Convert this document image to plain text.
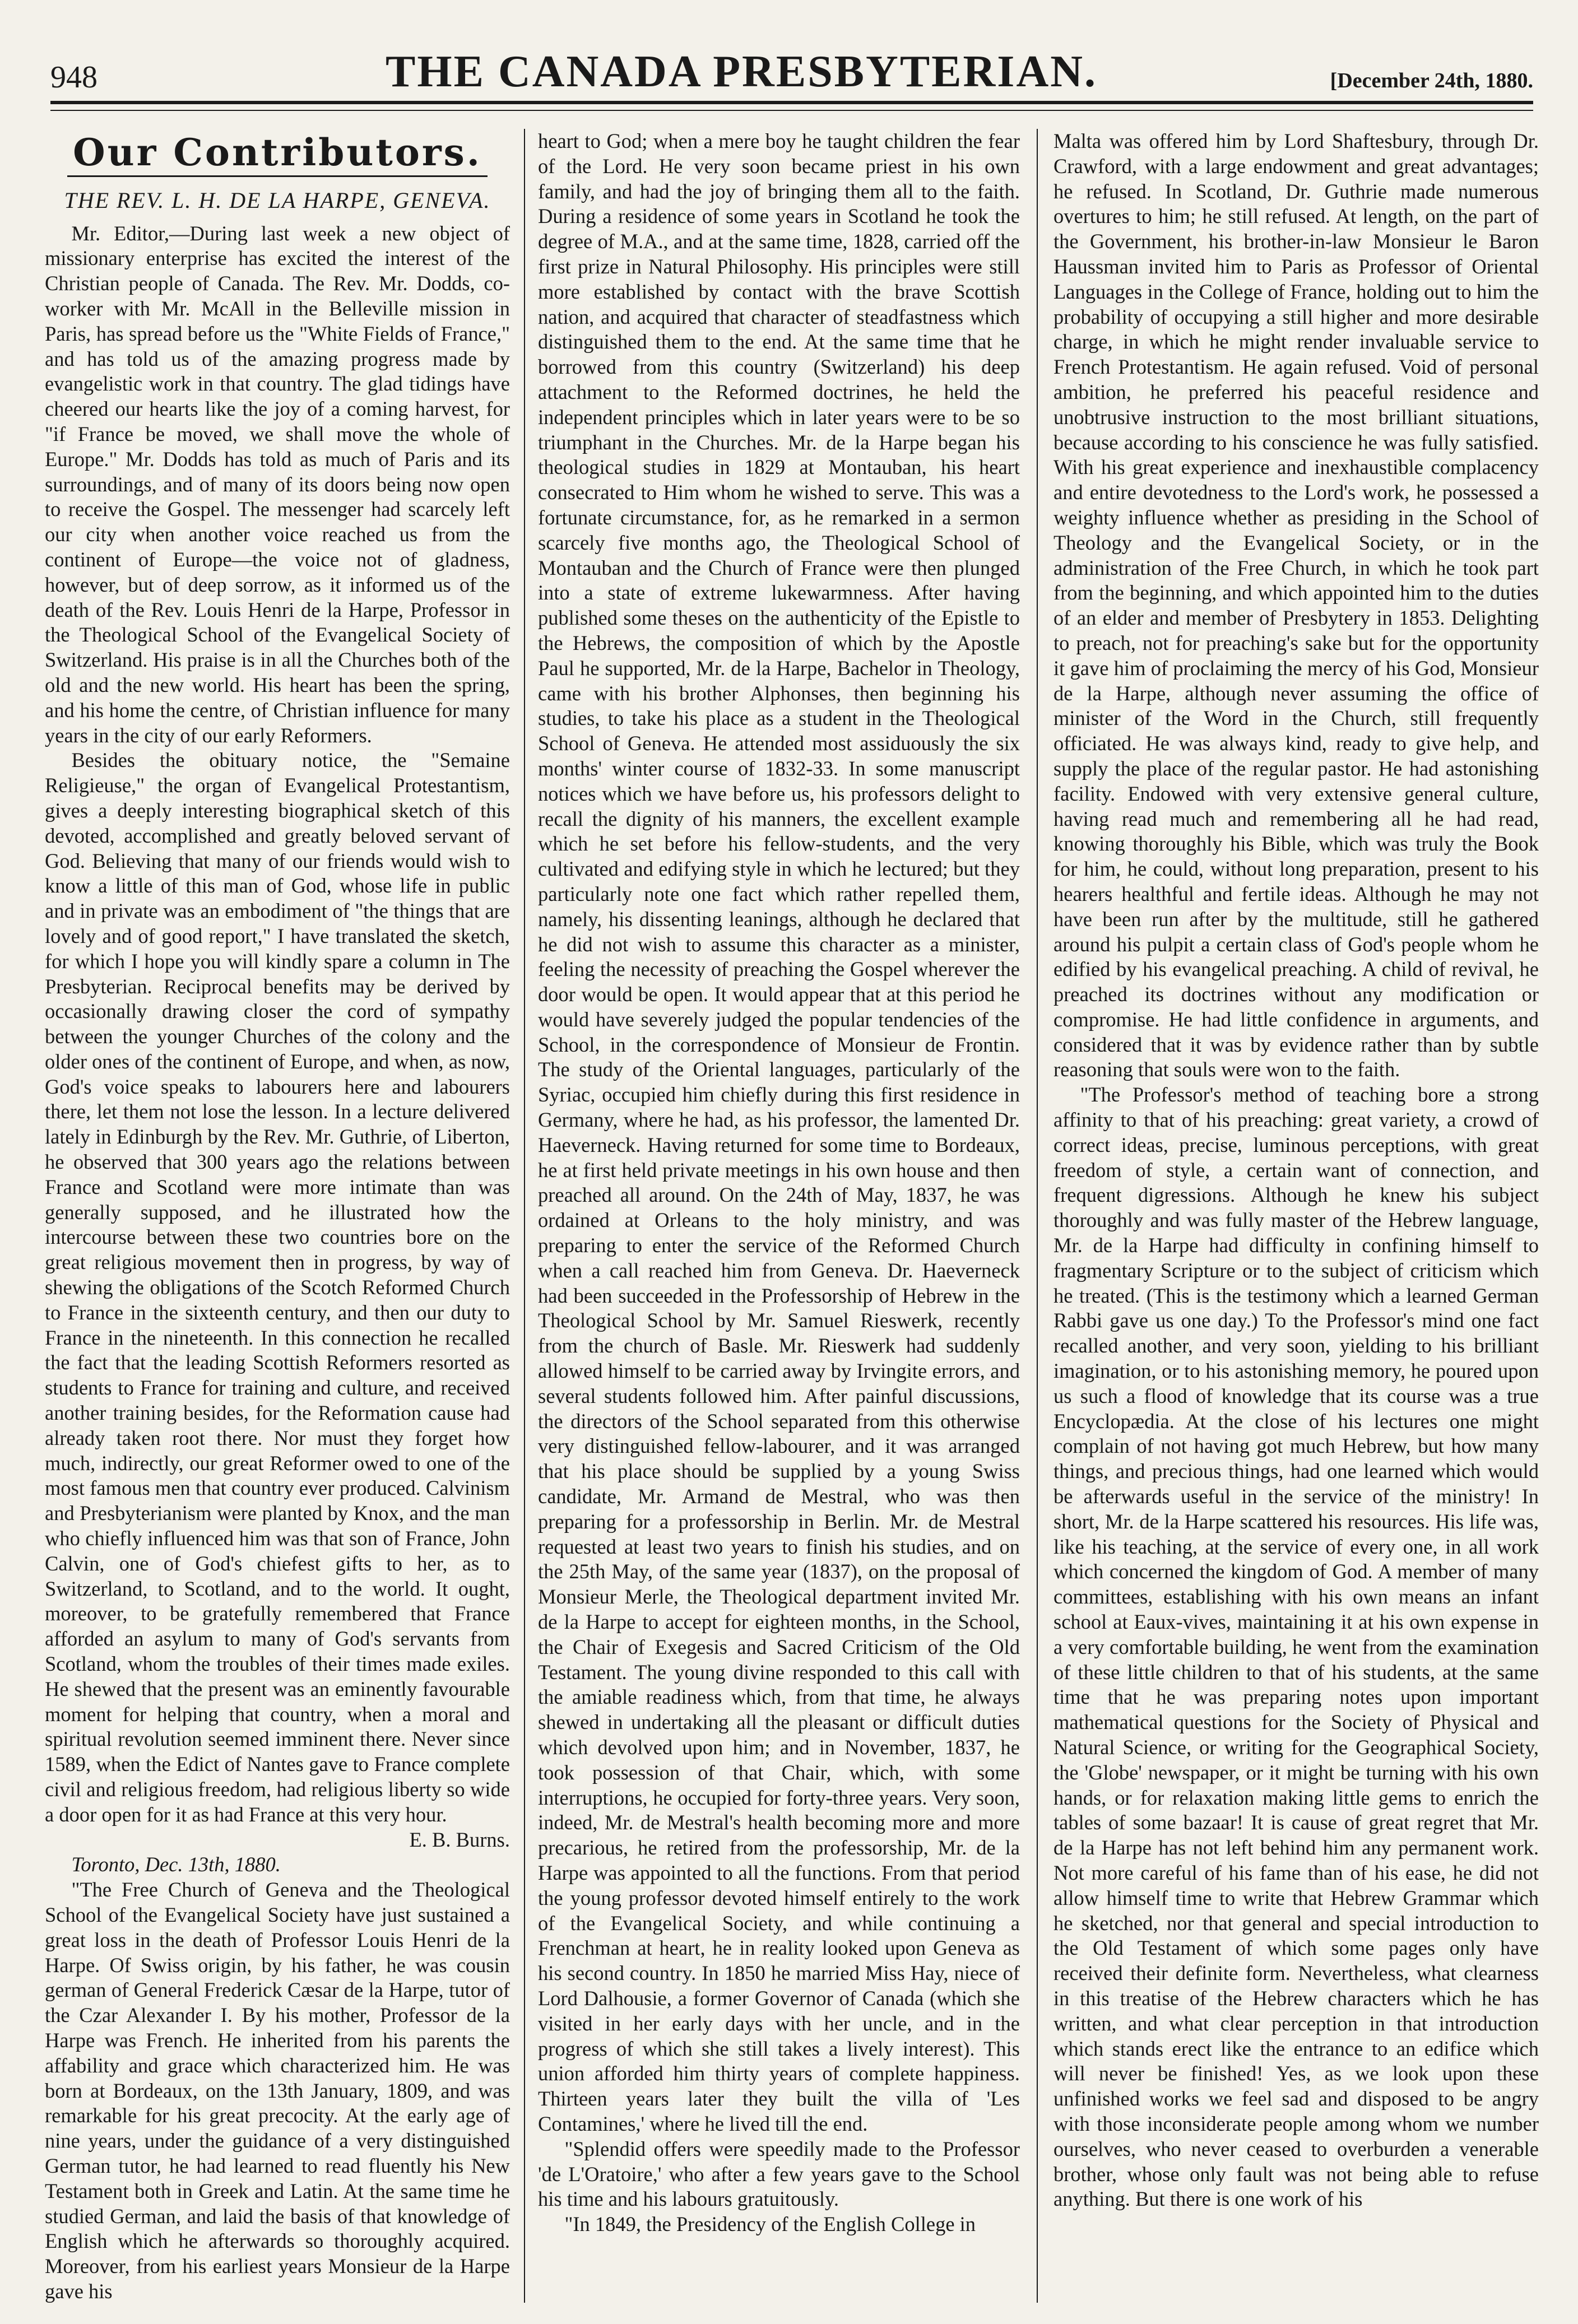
948	THE CANADA PRESBYTERIAN.	[December 24th, 1880.
Our Contributors.
THE REV. L. H. DE LA HARPE, GENEVA.

Mr. Editor,—During last week a new object of missionary enterprise has excited the interest of the Christian people of Canada. The Rev. Mr. Dodds, co-worker with Mr. McAll in the Belleville mission in Paris, has spread before us the "White Fields of France," and has told us of the amazing progress made by evangelistic work in that country. The glad tidings have cheered our hearts like the joy of a coming harvest, for "if France be moved, we shall move the whole of Europe." Mr. Dodds has told as much of Paris and its surroundings, and of many of its doors being now open to receive the Gospel. The messenger had scarcely left our city when another voice reached us from the continent of Europe—the voice not of gladness, however, but of deep sorrow, as it informed us of the death of the Rev. Louis Henri de la Harpe, Professor in the Theological School of the Evangelical Society of Switzerland. His praise is in all the Churches both of the old and the new world. His heart has been the spring, and his home the centre, of Christian influence for many years in the city of our early Reformers.

Besides the obituary notice, the "Semaine Religieuse," the organ of Evangelical Protestantism, gives a deeply interesting biographical sketch of this devoted, accomplished and greatly beloved servant of God. Believing that many of our friends would wish to know a little of this man of God, whose life in public and in private was an embodiment of "the things that are lovely and of good report," I have translated the sketch, for which I hope you will kindly spare a column in The Presbyterian. Reciprocal benefits may be derived by occasionally drawing closer the cord of sympathy between the younger Churches of the colony and the older ones of the continent of Europe, and when, as now, God's voice speaks to labourers here and labourers there, let them not lose the lesson. In a lecture delivered lately in Edinburgh by the Rev. Mr. Guthrie, of Liberton, he observed that 300 years ago the relations between France and Scotland were more intimate than was generally supposed, and he illustrated how the intercourse between these two countries bore on the great religious movement then in progress, by way of shewing the obligations of the Scotch Reformed Church to France in the sixteenth century, and then our duty to France in the nineteenth. In this connection he recalled the fact that the leading Scottish Reformers resorted as students to France for training and culture, and received another training besides, for the Reformation cause had already taken root there. Nor must they forget how much, indirectly, our great Reformer owed to one of the most famous men that country ever produced. Calvinism and Presbyterianism were planted by Knox, and the man who chiefly influenced him was that son of France, John Calvin, one of God's chiefest gifts to her, as to Switzerland, to Scotland, and to the world. It ought, moreover, to be gratefully remembered that France afforded an asylum to many of God's servants from Scotland, whom the troubles of their times made exiles. He shewed that the present was an eminently favourable moment for helping that country, when a moral and spiritual revolution seemed imminent there. Never since 1589, when the Edict of Nantes gave to France complete civil and religious freedom, had religious liberty so wide a door open for it as had France at this very hour.

E. B. Burns.

Toronto, Dec. 13th, 1880.

"The Free Church of Geneva and the Theological School of the Evangelical Society have just sustained a great loss in the death of Professor Louis Henri de la Harpe. Of Swiss origin, by his father, he was cousin german of General Frederick Cæsar de la Harpe, tutor of the Czar Alexander I. By his mother, Professor de la Harpe was French. He inherited from his parents the affability and grace which characterized him. He was born at Bordeaux, on the 13th January, 1809, and was remarkable for his great precocity. At the early age of nine years, under the guidance of a very distinguished German tutor, he had learned to read fluently his New Testament both in Greek and Latin. At the same time he studied German, and laid the basis of that knowledge of English which he afterwards so thoroughly acquired. Moreover, from his earliest years Monsieur de la Harpe gave his

heart to God; when a mere boy he taught children the fear of the Lord. He very soon became priest in his own family, and had the joy of bringing them all to the faith. During a residence of some years in Scotland he took the degree of M.A., and at the same time, 1828, carried off the first prize in Natural Philosophy. His principles were still more established by contact with the brave Scottish nation, and acquired that character of steadfastness which distinguished them to the end. At the same time that he borrowed from this country (Switzerland) his deep attachment to the Reformed doctrines, he held the independent principles which in later years were to be so triumphant in the Churches. Mr. de la Harpe began his theological studies in 1829 at Montauban, his heart consecrated to Him whom he wished to serve. This was a fortunate circumstance, for, as he remarked in a sermon scarcely five months ago, the Theological School of Montauban and the Church of France were then plunged into a state of extreme lukewarmness. After having published some theses on the authenticity of the Epistle to the Hebrews, the composition of which by the Apostle Paul he supported, Mr. de la Harpe, Bachelor in Theology, came with his brother Alphonses, then beginning his studies, to take his place as a student in the Theological School of Geneva. He attended most assiduously the six months' winter course of 1832-33. In some manuscript notices which we have before us, his professors delight to recall the dignity of his manners, the excellent example which he set before his fellow-students, and the very cultivated and edifying style in which he lectured; but they particularly note one fact which rather repelled them, namely, his dissenting leanings, although he declared that he did not wish to assume this character as a minister, feeling the necessity of preaching the Gospel wherever the door would be open. It would appear that at this period he would have severely judged the popular tendencies of the School, in the correspondence of Monsieur de Frontin. The study of the Oriental languages, particularly of the Syriac, occupied him chiefly during this first residence in Germany, where he had, as his professor, the lamented Dr. Haeverneck. Having returned for some time to Bordeaux, he at first held private meetings in his own house and then preached all around. On the 24th of May, 1837, he was ordained at Orleans to the holy ministry, and was preparing to enter the service of the Reformed Church when a call reached him from Geneva. Dr. Haeverneck had been succeeded in the Professorship of Hebrew in the Theological School by Mr. Samuel Rieswerk, recently from the church of Basle. Mr. Rieswerk had suddenly allowed himself to be carried away by Irvingite errors, and several students followed him. After painful discussions, the directors of the School separated from this otherwise very distinguished fellow-labourer, and it was arranged that his place should be supplied by a young Swiss candidate, Mr. Armand de Mestral, who was then preparing for a professorship in Berlin. Mr. de Mestral requested at least two years to finish his studies, and on the 25th May, of the same year (1837), on the proposal of Monsieur Merle, the Theological department invited Mr. de la Harpe to accept for eighteen months, in the School, the Chair of Exegesis and Sacred Criticism of the Old Testament. The young divine responded to this call with the amiable readiness which, from that time, he always shewed in undertaking all the pleasant or difficult duties which devolved upon him; and in November, 1837, he took possession of that Chair, which, with some interruptions, he occupied for forty-three years. Very soon, indeed, Mr. de Mestral's health becoming more and more precarious, he retired from the professorship, Mr. de la Harpe was appointed to all the functions. From that period the young professor devoted himself entirely to the work of the Evangelical Society, and while continuing a Frenchman at heart, he in reality looked upon Geneva as his second country. In 1850 he married Miss Hay, niece of Lord Dalhousie, a former Governor of Canada (which she visited in her early days with her uncle, and in the progress of which she still takes a lively interest). This union afforded him thirty years of complete happiness. Thirteen years later they built the villa of 'Les Contamines,' where he lived till the end.

"Splendid offers were speedily made to the Professor 'de L'Oratoire,' who after a few years gave to the School his time and his labours gratuitously.

"In 1849, the Presidency of the English College in

Malta was offered him by Lord Shaftesbury, through Dr. Crawford, with a large endowment and great advantages; he refused. In Scotland, Dr. Guthrie made numerous overtures to him; he still refused. At length, on the part of the Government, his brother-in-law Monsieur le Baron Haussman invited him to Paris as Professor of Oriental Languages in the College of France, holding out to him the probability of occupying a still higher and more desirable charge, in which he might render invaluable service to French Protestantism. He again refused. Void of personal ambition, he preferred his peaceful residence and unobtrusive instruction to the most brilliant situations, because according to his conscience he was fully satisfied. With his great experience and inexhaustible complacency and entire devotedness to the Lord's work, he possessed a weighty influence whether as presiding in the School of Theology and the Evangelical Society, or in the administration of the Free Church, in which he took part from the beginning, and which appointed him to the duties of an elder and member of Presbytery in 1853. Delighting to preach, not for preaching's sake but for the opportunity it gave him of proclaiming the mercy of his God, Monsieur de la Harpe, although never assuming the office of minister of the Word in the Church, still frequently officiated. He was always kind, ready to give help, and supply the place of the regular pastor. He had astonishing facility. Endowed with very extensive general culture, having read much and remembering all he had read, knowing thoroughly his Bible, which was truly the Book for him, he could, without long preparation, present to his hearers healthful and fertile ideas. Although he may not have been run after by the multitude, still he gathered around his pulpit a certain class of God's people whom he edified by his evangelical preaching. A child of revival, he preached its doctrines without any modification or compromise. He had little confidence in arguments, and considered that it was by evidence rather than by subtle reasoning that souls were won to the faith.

"The Professor's method of teaching bore a strong affinity to that of his preaching: great variety, a crowd of correct ideas, precise, luminous perceptions, with great freedom of style, a certain want of connection, and frequent digressions. Although he knew his subject thoroughly and was fully master of the Hebrew language, Mr. de la Harpe had difficulty in confining himself to fragmentary Scripture or to the subject of criticism which he treated. (This is the testimony which a learned German Rabbi gave us one day.) To the Professor's mind one fact recalled another, and very soon, yielding to his brilliant imagination, or to his astonishing memory, he poured upon us such a flood of knowledge that its course was a true Encyclopædia. At the close of his lectures one might complain of not having got much Hebrew, but how many things, and precious things, had one learned which would be afterwards useful in the service of the ministry! In short, Mr. de la Harpe scattered his resources. His life was, like his teaching, at the service of every one, in all work which concerned the kingdom of God. A member of many committees, establishing with his own means an infant school at Eaux-vives, maintaining it at his own expense in a very comfortable building, he went from the examination of these little children to that of his students, at the same time that he was preparing notes upon important mathematical questions for the Society of Physical and Natural Science, or writing for the Geographical Society, the 'Globe' newspaper, or it might be turning with his own hands, or for relaxation making little gems to enrich the tables of some bazaar! It is cause of great regret that Mr. de la Harpe has not left behind him any permanent work. Not more careful of his fame than of his ease, he did not allow himself time to write that Hebrew Grammar which he sketched, nor that general and special introduction to the Old Testament of which some pages only have received their definite form. Nevertheless, what clearness in this treatise of the Hebrew characters which he has written, and what clear perception in that introduction which stands erect like the entrance to an edifice which will never be finished! Yes, as we look upon these unfinished works we feel sad and disposed to be angry with those inconsiderate people among whom we number ourselves, who never ceased to overburden a venerable brother, whose only fault was not being able to refuse anything. But there is one work of his
